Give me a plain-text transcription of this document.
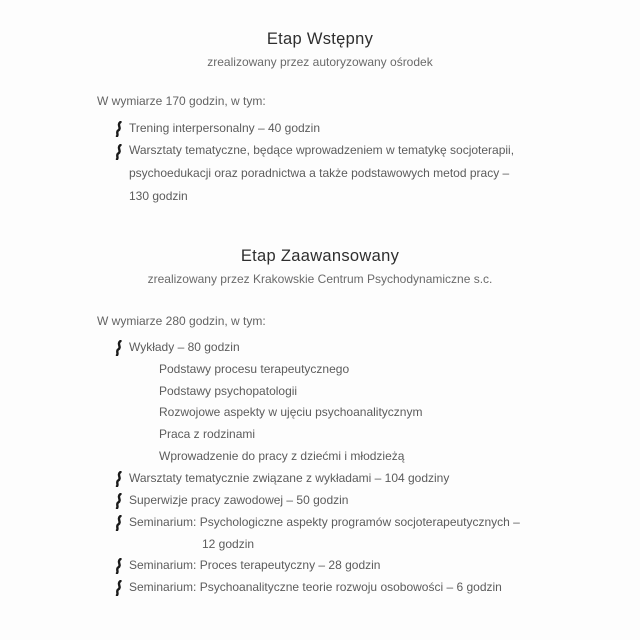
Etap Wstępny
zrealizowany przez autoryzowany ośrodek
W wymiarze 170 godzin, w tym:
Trening interpersonalny – 40 godzin
Warsztaty tematyczne, będące wprowadzeniem w tematykę socjoterapii,
psychoedukacji oraz poradnictwa a także podstawowych metod pracy –
130 godzin
Etap Zaawansowany
zrealizowany przez Krakowskie Centrum Psychodynamiczne s.c.
W wymiarze 280 godzin, w tym:
Wykłady – 80 godzin
Podstawy procesu terapeutycznego
Podstawy psychopatologii
Rozwojowe aspekty w ujęciu psychoanalitycznym
Praca z rodzinami
Wprowadzenie do pracy z dziećmi i młodzieżą
Warsztaty tematycznie związane z wykładami – 104 godziny
Superwizje pracy zawodowej – 50 godzin
Seminarium: Psychologiczne aspekty programów socjoterapeutycznych –
12 godzin
Seminarium: Proces terapeutyczny – 28 godzin
Seminarium: Psychoanalityczne teorie rozwoju osobowości – 6 godzin
